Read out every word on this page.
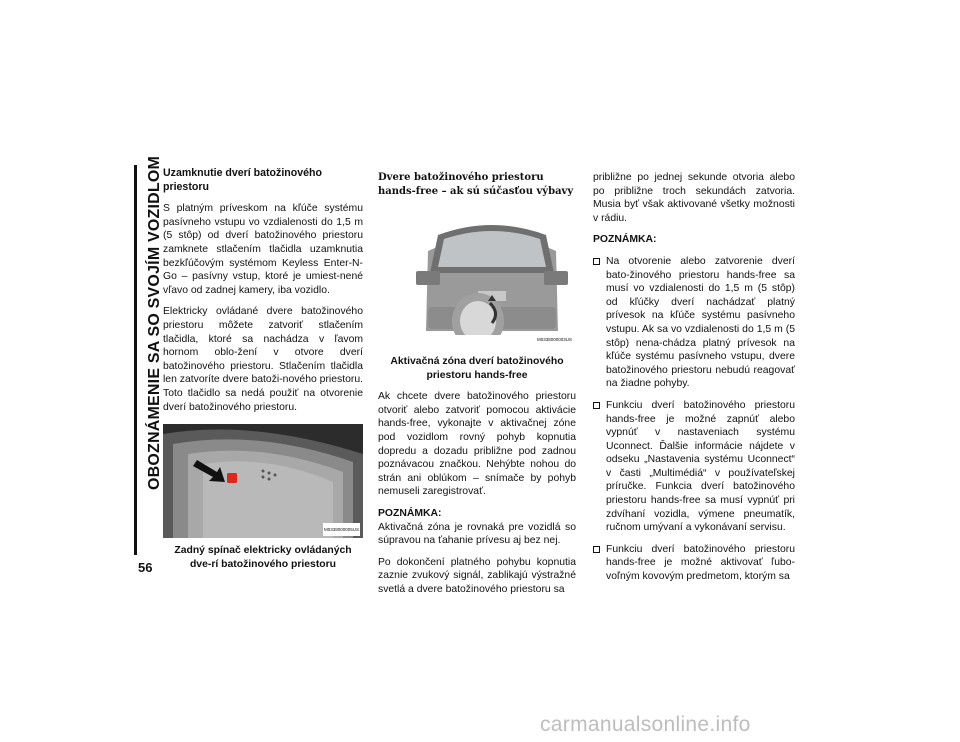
OBOZNÁMENIE SA SO SVOJÍM VOZIDLOM
56
Uzamknutie dverí batožinového priestoru

S platným príveskom na kľúče systému pasívneho vstupu vo vzdialenosti do 1,5 m (5 stôp) od dverí batožinového priestoru zamknete stlačením tlačidla uzamknutia bezkľúčovým systémom Keyless Enter-N-Go – pasívny vstup, ktoré je umiest-nené vľavo od zadnej kamery, iba vozidlo.

Elektricky ovládané dvere batožinového priestoru môžete zatvoriť stlačením tlačidla, ktoré sa nachádza v ľavom hornom oblo-žení v otvore dverí batožinového priestoru. Stlačením tlačidla len zatvoríte dvere batoži-nového priestoru. Toto tlačidlo sa nedá použiť na otvorenie dverí batožinového priestoru.

M0338000005US
Zadný spínač elektricky ovládaných dve-rí batožinového priestoru
Dvere batožinového priestoru hands-free – ak sú súčasťou výbavy
M0338000003US
Aktivačná zóna dverí batožinového priestoru hands-free

Ak chcete dvere batožinového priestoru otvoriť alebo zatvoriť pomocou aktivácie hands-free, vykonajte v aktivačnej zóne pod vozidlom rovný pohyb kopnutia dopredu a dozadu približne pod zadnou poznávacou značkou. Nehýbte nohou do strán ani oblúkom – snímače by pohyb nemuseli zaregistrovať.

POZNÁMKA:

Aktivačná zóna je rovnaká pre vozidlá so súpravou na ťahanie prívesu aj bez nej.

Po dokončení platného pohybu kopnutia zaznie zvukový signál, zablikajú výstražné svetlá a dvere batožinového priestoru sa

približne po jednej sekunde otvoria alebo po približne troch sekundách zatvoria. Musia byť však aktivované všetky možnosti v rádiu.

POZNÁMKA:
Na otvorenie alebo zatvorenie dverí bato-žinového priestoru hands-free sa musí vo vzdialenosti do 1,5 m (5 stôp) od kľúčky dverí nachádzať platný prívesok na kľúče systému pasívneho vstupu. Ak sa vo vzdialenosti do 1,5 m (5 stôp) nena-chádza platný prívesok na kľúče systému pasívneho vstupu, dvere batožinového priestoru nebudú reagovať na žiadne pohyby.
Funkciu dverí batožinového priestoru hands-free je možné zapnúť alebo vypnúť v nastaveniach systému Uconnect. Ďalšie informácie nájdete v odseku „Nastavenia systému Uconnect“ v časti „Multimédiá“ v používateľskej príručke. Funkcia dverí batožinového priestoru hands-free sa musí vypnúť pri zdvíhaní vozidla, výmene pneumatík, ručnom umývaní a vykonávaní servisu.
Funkciu dverí batožinového priestoru hands-free je možné aktivovať ľubo-voľným kovovým predmetom, ktorým sa
carmanualsonline.info
